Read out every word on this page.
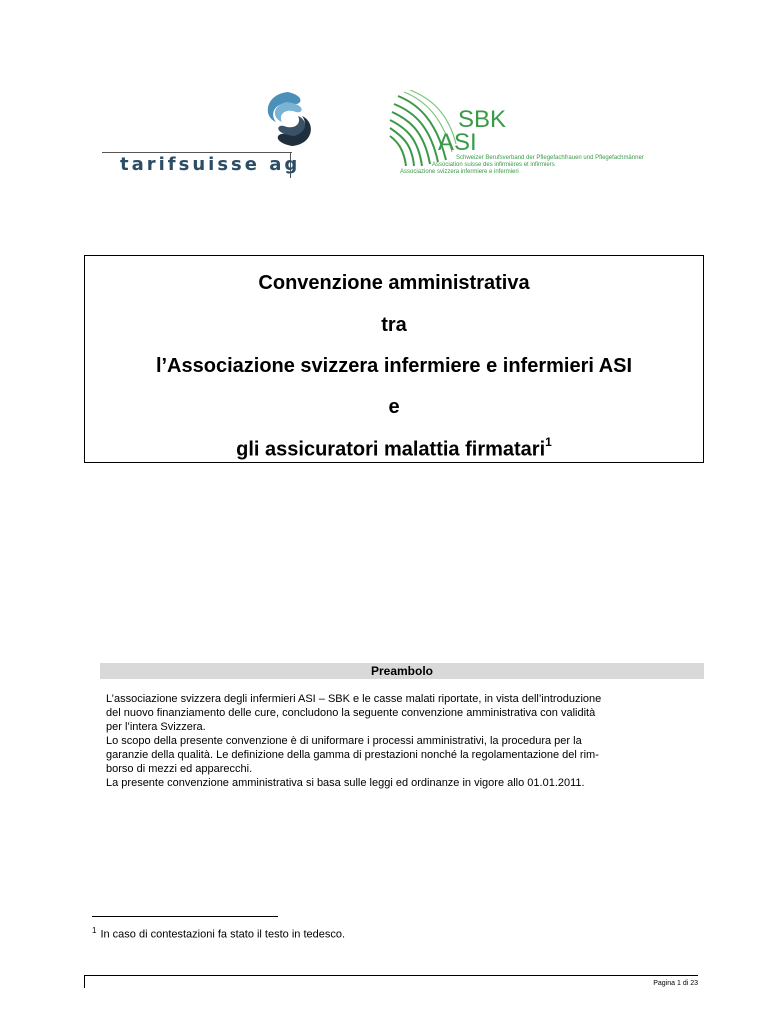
tarifsuisse ag
SBK
ASI
Schweizer Berufsverband der Pflegefachfrauen und Pflegefachmänner
Association suisse des infirmières et infirmiers
Associazione svizzera infermiere e infermieri
Convenzione amministrativa
tra
l’Associazione svizzera infermiere e infermieri ASI
e
gli assicuratori malattia firmatari$^1$
Preambolo

L’associazione svizzera degli infermieri ASI – SBK e le casse malati riportate, in vista dell’introduzione

del nuovo finanziamento delle cure, concludono la seguente convenzione amministrativa con validità

per l’intera Svizzera.

Lo scopo della presente convenzione è di uniformare i processi amministrativi, la procedura per la

garanzie della qualità. Le definizione della gamma di prestazioni nonché la regolamentazione del rim-

borso di mezzi ed apparecchi.

La presente convenzione amministrativa si basa sulle leggi ed ordinanze in vigore allo 01.01.2011.

$^1$ In caso di contestazioni fa stato il testo in tedesco.
Pagina 1 di 23
